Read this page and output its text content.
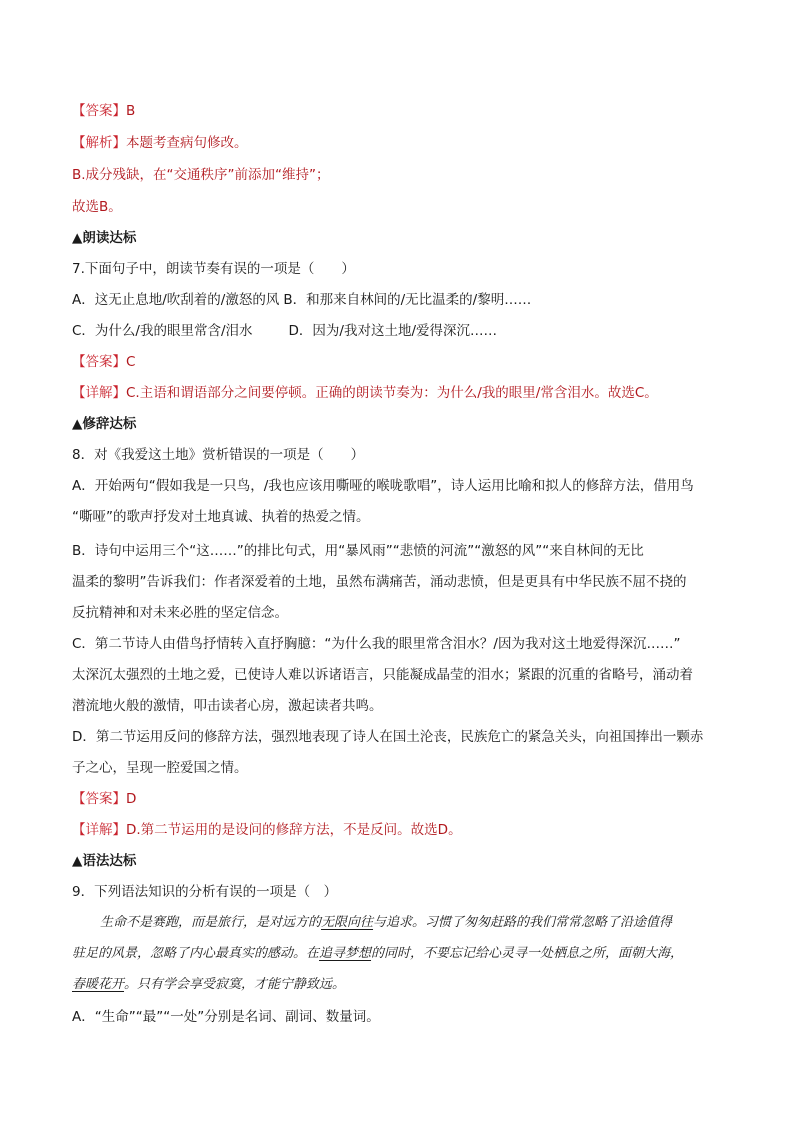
【答案】B
【解析】本题考查病句修改。
B.成分残缺，在“交通秩序”前添加“维持”；
故选B。
▲朗读达标
7.下面句子中，朗读节奏有误的一项是（　　）
A．这无止息地/吹刮着的/激怒的风 B．和那来自林间的/无比温柔的/黎明……
C．为什么/我的眼里常含/泪水	D．因为/我对这土地/爱得深沉……
【答案】C
【详解】C.主语和谓语部分之间要停顿。正确的朗读节奏为：为什么/我的眼里/常含泪水。故选C。
▲修辞达标
8．对《我爱这土地》赏析错误的一项是（　　）
A．开始两句“假如我是一只鸟，/我也应该用嘶哑的喉咙歌唱”，诗人运用比喻和拟人的修辞方法，借用鸟
“嘶哑”的歌声抒发对土地真诚、执着的热爱之情。
B．诗句中运用三个“这……”的排比句式，用“暴风雨”“悲愤的河流”“激怒的风”“来自林间的无比
温柔的黎明”告诉我们：作者深爱着的土地，虽然布满痛苦，涌动悲愤，但是更具有中华民族不屈不挠的
反抗精神和对未来必胜的坚定信念。
C．第二节诗人由借鸟抒情转入直抒胸臆：“为什么我的眼里常含泪水？/因为我对这土地爱得深沉……”
太深沉太强烈的土地之爱，已使诗人难以诉诸语言，只能凝成晶莹的泪水；紧跟的沉重的省略号，涌动着
潜流地火般的激情，叩击读者心房，激起读者共鸣。
D．第二节运用反问的修辞方法，强烈地表现了诗人在国土沦丧，民族危亡的紧急关头，向祖国捧出一颗赤
子之心，呈现一腔爱国之情。
【答案】D
【详解】D.第二节运用的是设问的修辞方法，不是反问。故选D。
▲语法达标
9．下列语法知识的分析有误的一项是（　）
生命不是赛跑，而是旅行，是对远方的无限向往与追求。习惯了匆匆赶路的我们常常忽略了沿途值得
驻足的风景，忽略了内心最真实的感动。在追寻梦想的同时，不要忘记给心灵寻一处栖息之所，面朝大海，
春暖花开。只有学会享受寂寞，才能宁静致远。
A．“生命”“最”“一处”分别是名词、副词、数量词。
